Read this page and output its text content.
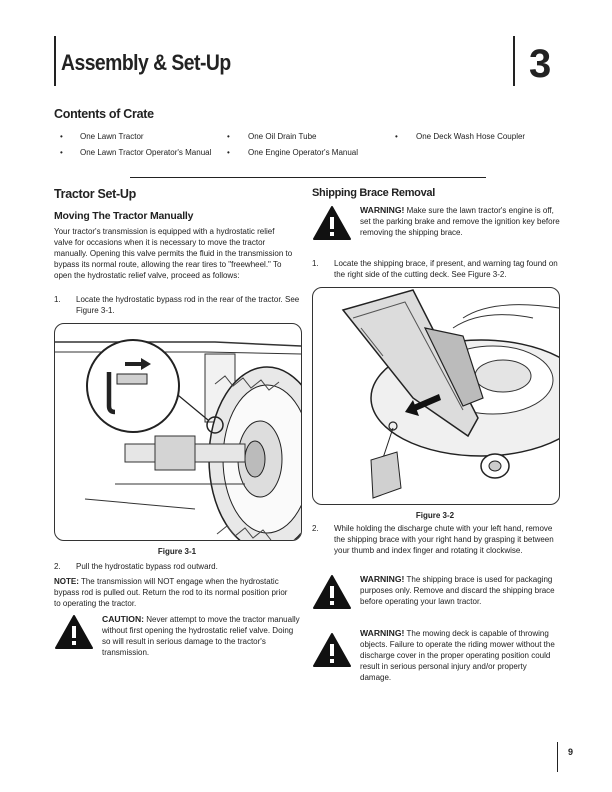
Assembly & Set-Up	3
Contents of Crate
• One Lawn Tractor	• One Oil Drain Tube	• One Deck Wash Hose Coupler
• One Lawn Tractor Operator's Manual • One Engine Operator's Manual
Tractor Set-Up
Moving The Tractor Manually

Your tractor's transmission is equipped with a hydrostatic relief valve for occasions when it is necessary to move the tractor manually. Opening this valve permits the fluid in the transmission to bypass its normal route, allowing the rear tires to "freewheel." To open the hydrostatic relief valve, proceed as follows:

1. Locate the hydrostatic bypass rod in the rear of the tractor. See Figure 3-1.
Figure 3-1
2. Pull the hydrostatic bypass rod outward.

NOTE: The transmission will NOT engage when the hydrostatic bypass rod is pulled out. Return the rod to its normal position prior to operating the tractor.

CAUTION: Never attempt to move the tractor manually without first opening the hydrostatic relief valve. Doing so will result in serious damage to the tractor's transmission.
Shipping Brace Removal
WARNING! Make sure the lawn tractor's engine is off, set the parking brake and remove the ignition key before removing the shipping brace.
1. Locate the shipping brace, if present, and warning tag found on the right side of the cutting deck. See Figure 3-2.
Figure 3-2
2. While holding the discharge chute with your left hand, remove the shipping brace with your right hand by grasping it between your thumb and index finger and rotating it clockwise.
WARNING! The shipping brace is used for packaging purposes only. Remove and discard the shipping brace before operating your lawn tractor.
WARNING! The mowing deck is capable of throwing objects. Failure to operate the riding mower without the discharge cover in the proper operating position could result in serious personal injury and/or property damage.
9
